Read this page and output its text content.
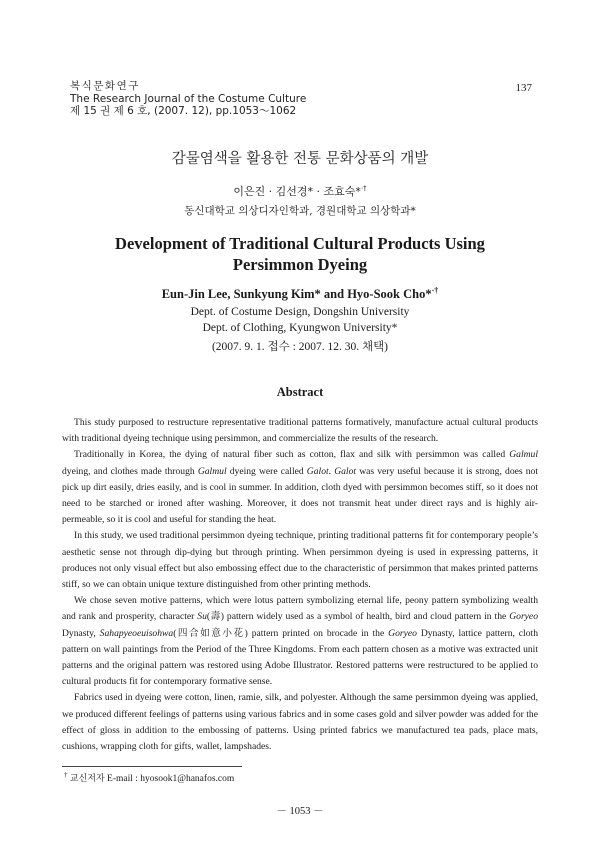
복식문화연구
The Research Journal of the Costume Culture
제 15 권 제 6 호, (2007. 12), pp.1053～1062
137
감물염색을 활용한 전통 문화상품의 개발
이은진 · 김선경* · 조효숙*·†
동신대학교 의상디자인학과, 경원대학교 의상학과*
Development of Traditional Cultural Products Using
Persimmon Dyeing
Eun-Jin Lee, Sunkyung Kim* and Hyo-Sook Cho*·†
Dept. of Costume Design, Dongshin University
Dept. of Clothing, Kyungwon University*
(2007. 9. 1. 접수 : 2007. 12. 30. 채택)
Abstract

This study purposed to restructure representative traditional patterns formatively, manufacture actual cultural products with traditional dyeing technique using persimmon, and commercialize the results of the research.

Traditionally in Korea, the dying of natural fiber such as cotton, flax and silk with persimmon was called Galmul dyeing, and clothes made through Galmul dyeing were called Galot. Galot was very useful because it is strong, does not pick up dirt easily, dries easily, and is cool in summer. In addition, cloth dyed with persimmon becomes stiff, so it does not need to be starched or ironed after washing. Moreover, it does not transmit heat under direct rays and is highly air-permeable, so it is cool and useful for standing the heat.

In this study, we used traditional persimmon dyeing technique, printing traditional patterns fit for contemporary people’s aesthetic sense not through dip-dying but through printing. When persimmon dyeing is used in expressing patterns, it produces not only visual effect but also embossing effect due to the characteristic of persimmon that makes printed patterns stiff, so we can obtain unique texture distinguished from other printing methods.

We chose seven motive patterns, which were lotus pattern symbolizing eternal life, peony pattern symbolizing wealth and rank and prosperity, character Su(壽) pattern widely used as a symbol of health, bird and cloud pattern in the Goryeo Dynasty, Sahapyeoeuisohwa(四合如意小花) pattern printed on brocade in the Goryeo Dynasty, lattice pattern, cloth pattern on wall paintings from the Period of the Three Kingdoms. From each pattern chosen as a motive was extracted unit patterns and the original pattern was restored using Adobe Illustrator. Restored patterns were restructured to be applied to cultural products fit for contemporary formative sense.

Fabrics used in dyeing were cotton, linen, ramie, silk, and polyester. Although the same persimmon dyeing was applied, we produced different feelings of patterns using various fabrics and in some cases gold and silver powder was added for the effect of gloss in addition to the embossing of patterns. Using printed fabrics we manufactured tea pads, place mats, cushions, wrapping cloth for gifts, wallet, lampshades.

† 교신저자 E-mail : hyosook1@hanafos.com
－ 1053 －
